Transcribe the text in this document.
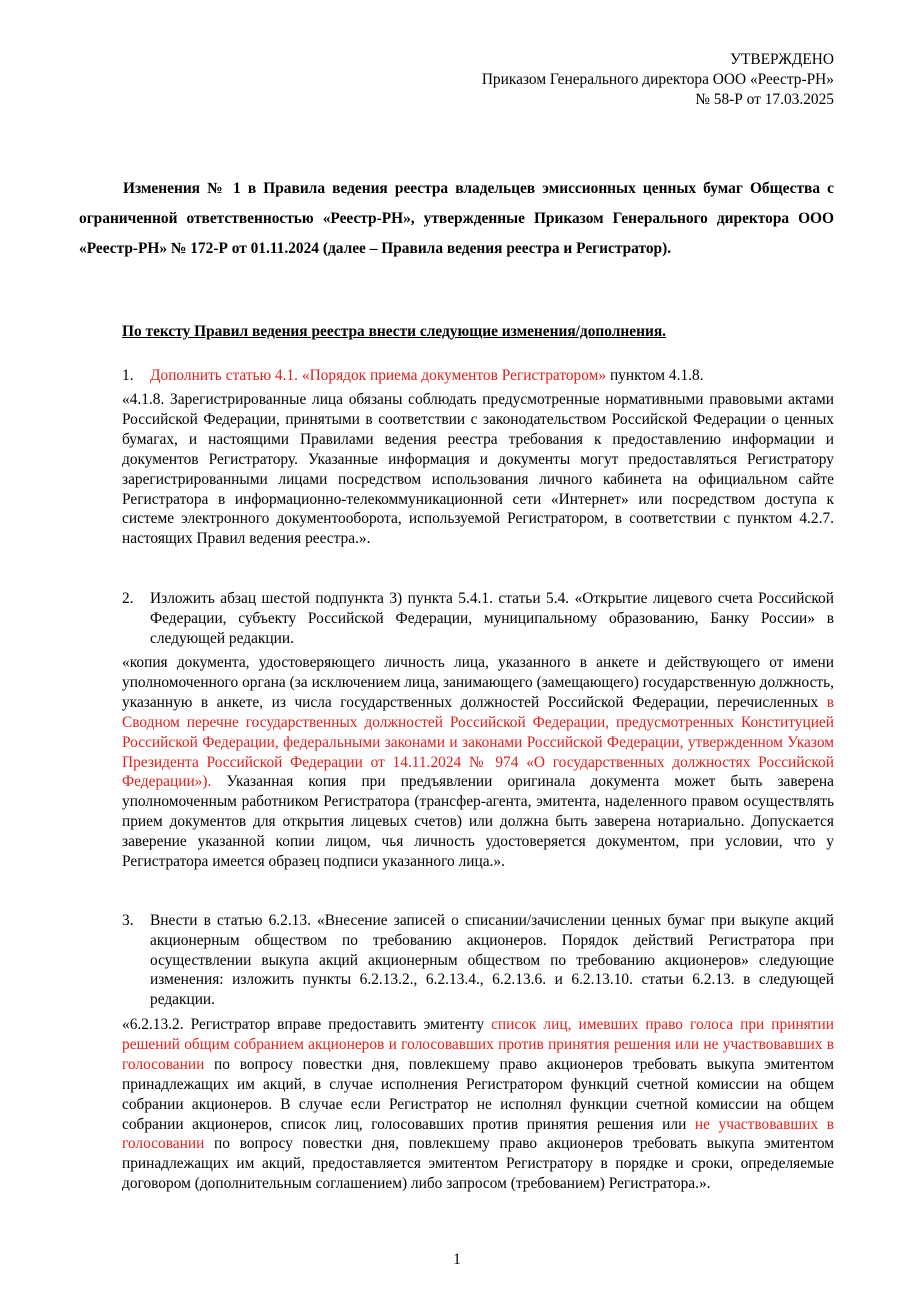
УТВЕРЖДЕНО
Приказом Генерального директора ООО «Реестр-РН»
№ 58-Р от 17.03.2025
Изменения № 1 в Правила ведения реестра владельцев эмиссионных ценных бумаг Общества с ограниченной ответственностью «Реестр-РН», утвержденные Приказом Генерального директора ООО «Реестр-РН» № 172-Р от 01.11.2024 (далее – Правила ведения реестра и Регистратор).
По тексту Правил ведения реестра внести следующие изменения/дополнения.
1. Дополнить статью 4.1. «Порядок приема документов Регистратором» пунктом 4.1.8.
«4.1.8. Зарегистрированные лица обязаны соблюдать предусмотренные нормативными правовыми актами Российской Федерации, принятыми в соответствии с законодательством Российской Федерации о ценных бумагах, и настоящими Правилами ведения реестра требования к предоставлению информации и документов Регистратору. Указанные информация и документы могут предоставляться Регистратору зарегистрированными лицами посредством использования личного кабинета на официальном сайте Регистратора в информационно-телекоммуникационной сети «Интернет» или посредством доступа к системе электронного документооборота, используемой Регистратором, в соответствии с пунктом 4.2.7. настоящих Правил ведения реестра.».
2. Изложить абзац шестой подпункта 3) пункта 5.4.1. статьи 5.4. «Открытие лицевого счета Российской Федерации, субъекту Российской Федерации, муниципальному образованию, Банку России» в следующей редакции.
«копия документа, удостоверяющего личность лица, указанного в анкете и действующего от имени уполномоченного органа (за исключением лица, занимающего (замещающего) государственную должность, указанную в анкете, из числа государственных должностей Российской Федерации, перечисленных в Сводном перечне государственных должностей Российской Федерации, предусмотренных Конституцией Российской Федерации, федеральными законами и законами Российской Федерации, утвержденном Указом Президента Российской Федерации от 14.11.2024 № 974 «О государственных должностях Российской Федерации»). Указанная копия при предъявлении оригинала документа может быть заверена уполномоченным работником Регистратора (трансфер-агента, эмитента, наделенного правом осуществлять прием документов для открытия лицевых счетов) или должна быть заверена нотариально. Допускается заверение указанной копии лицом, чья личность удостоверяется документом, при условии, что у Регистратора имеется образец подписи указанного лица.».
3. Внести в статью 6.2.13. «Внесение записей о списании/зачислении ценных бумаг при выкупе акций акционерным обществом по требованию акционеров. Порядок действий Регистратора при осуществлении выкупа акций акционерным обществом по требованию акционеров» следующие изменения: изложить пункты 6.2.13.2., 6.2.13.4., 6.2.13.6. и 6.2.13.10. статьи 6.2.13. в следующей редакции.
«6.2.13.2. Регистратор вправе предоставить эмитенту список лиц, имевших право голоса при принятии решений общим собранием акционеров и голосовавших против принятия решения или не участвовавших в голосовании по вопросу повестки дня, повлекшему право акционеров требовать выкупа эмитентом принадлежащих им акций, в случае исполнения Регистратором функций счетной комиссии на общем собрании акционеров. В случае если Регистратор не исполнял функции счетной комиссии на общем собрании акционеров, список лиц, голосовавших против принятия решения или не участвовавших в голосовании по вопросу повестки дня, повлекшему право акционеров требовать выкупа эмитентом принадлежащих им акций, предоставляется эмитентом Регистратору в порядке и сроки, определяемые договором (дополнительным соглашением) либо запросом (требованием) Регистратора.».
1
